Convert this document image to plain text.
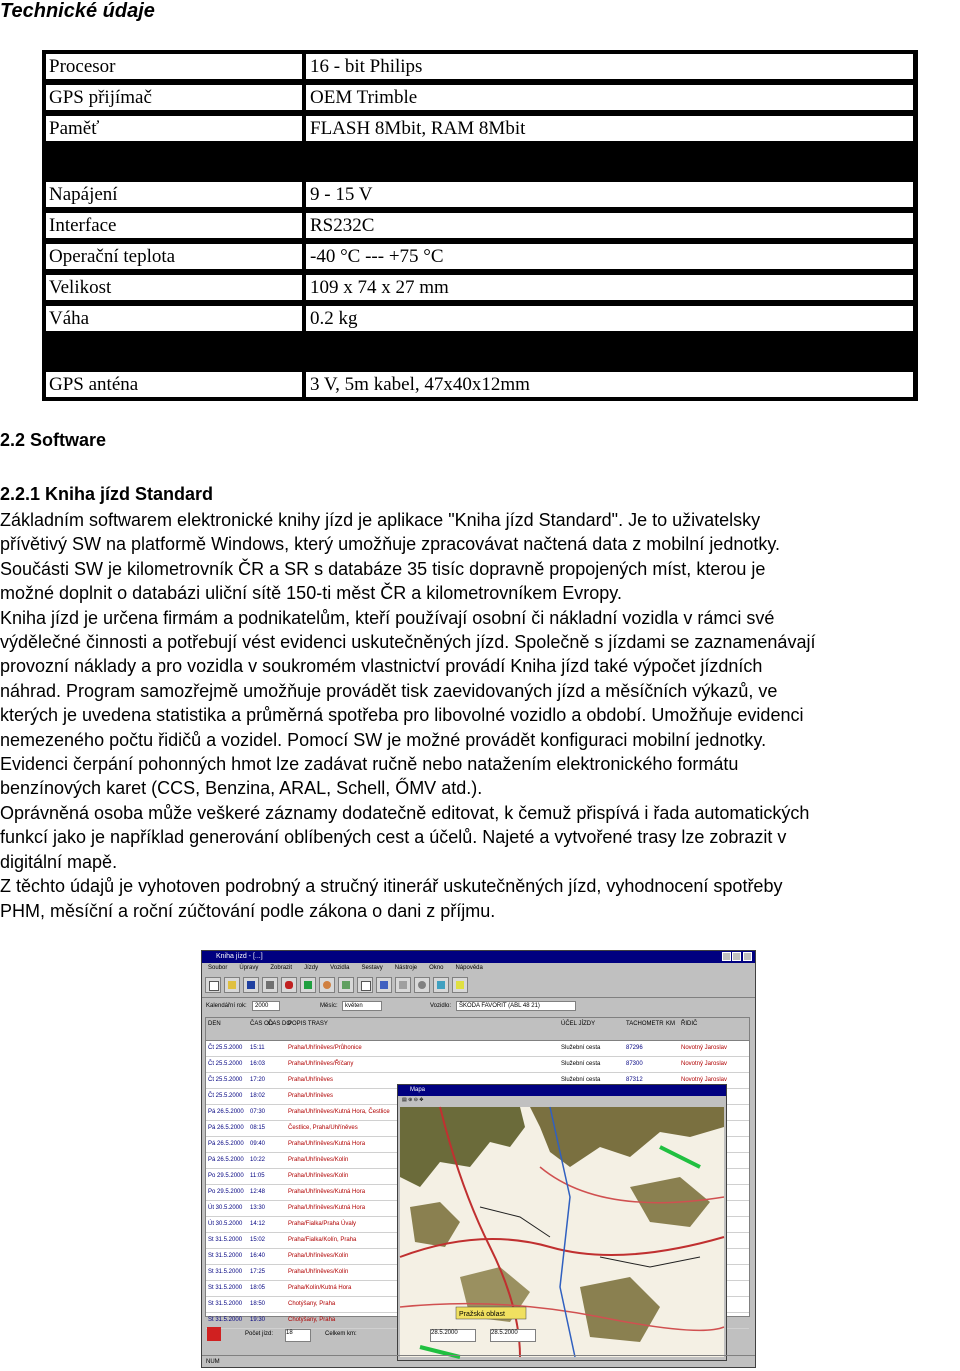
Technické údaje
Procesor	16 - bit Philips
GPS přijímač	OEM Trimble
Paměť	FLASH 8Mbit, RAM 8Mbit
Napájení	9 - 15 V
Interface	RS232C
Operační teplota	-40 °C --- +75 °C
Velikost	109 x 74 x 27 mm
Váha	0.2 kg
GPS anténa	3 V, 5m kabel, 47x40x12mm
2.2 Software
2.2.1 Kniha jízd Standard

Základním softwarem elektronické knihy jízd je aplikace "Kniha jízd Standard". Je to uživatelsky

přívětivý SW na platformě Windows, který umožňuje zpracovávat načtená data z mobilní jednotky.

Součásti SW je kilometrovník ČR a SR s databáze 35 tisíc dopravně propojených míst, kterou je

možné doplnit o databázi uliční sítě 150-ti měst ČR a kilometrovníkem Evropy.

Kniha jízd je určena firmám a podnikatelům, kteří používají osobní či nákladní vozidla v rámci své

výdělečné činnosti a potřebují vést evidenci uskutečněných jízd. Společně s jízdami se zaznamenávají

provozní náklady a pro vozidla v soukromém vlastnictví provádí Kniha jízd také výpočet jízdních

náhrad. Program samozřejmě umožňuje provádět tisk zaevidovaných jízd a měsíčních výkazů, ve

kterých je uvedena statistika a průměrná spotřeba pro libovolné vozidlo a období. Umožňuje evidenci

nemezeného počtu řidičů a vozidel. Pomocí SW je možné provádět konfiguraci mobilní jednotky.

Evidenci čerpání pohonných hmot lze zadávat ručně nebo natažením elektronického formátu

benzínových karet (CCS, Benzina, ARAL, Schell, ŐMV atd.).

Oprávněná osoba může veškeré záznamy dodatečně editovat, k čemuž přispívá i řada automatických

funkcí jako je například generování oblíbených cest a účelů. Najeté a vytvořené trasy lze zobrazit v

digitální mapě.

Z těchto údajů je vyhotoven podrobný a stručný itinerář uskutečněných jízd, vyhodnocení spotřeby

PHM, měsíční a roční zúčtování podle zákona o dani z příjmu.

Kniha jízd - [...]
Soubor Úpravy Zobrazit Jízdy Vozidla Sestavy Nástroje Okno Nápověda
Kalendářní rok:	2000	Měsíc:	květen	Vozidlo:	ŠKODA FAVORIT (ABL 48 21)
DEN	ČAS OD
ČAS DO
POPIS TRASY	ÚČEL JÍZDY	TACHOMETR KM ŘIDIČ
Čt 25.5.2000 15:11	Praha/Uhříněves/Průhonice	Služební cesta	87296	Novotný Jaroslav
Čt 25.5.2000 16:03	Praha/Uhříněves/Říčany	Služební cesta	87300	Novotný Jaroslav
Čt 25.5.2000 17:20	Praha/Uhříněves	Služební cesta	87312	Novotný Jaroslav
Čt 25.5.2000 18:02	Praha/Uhříněves
Pá 26.5.2000 07:30	Praha/Uhříněves/Kutná Hora, Čestlice
Pá 26.5.2000 08:15	Čestlice, Praha/Uhříněves
Pá 26.5.2000 09:40	Praha/Uhříněves/Kutná Hora
Pá 26.5.2000 10:22	Praha/Uhříněves/Kolín
Po 29.5.2000 11:05	Praha/Uhříněves/Kolín
Po 29.5.2000 12:48	Praha/Uhříněves/Kutná Hora
Út 30.5.2000 13:30	Praha/Uhříněves/Kutná Hora
Út 30.5.2000 14:12	Praha/Fialka/Praha Úvaly
St 31.5.2000 15:02	Praha/Fialka/Kolín, Praha
St 31.5.2000 16:40	Praha/Uhříněves/Kolín
St 31.5.2000 17:25	Praha/Uhříněves/Kolín
St 31.5.2000 18:05	Praha/Kolín/Kutná Hora
St 31.5.2000 18:50	Chotýšany, Praha
St 31.5.2000 19:30	Chotýšany, Praha
Mapa
▤ ⊕ ⊖ ✥
Pražská oblast
Počet jízd: 18	Celkem km:	28.5.2000	28.5.2000
NUM
